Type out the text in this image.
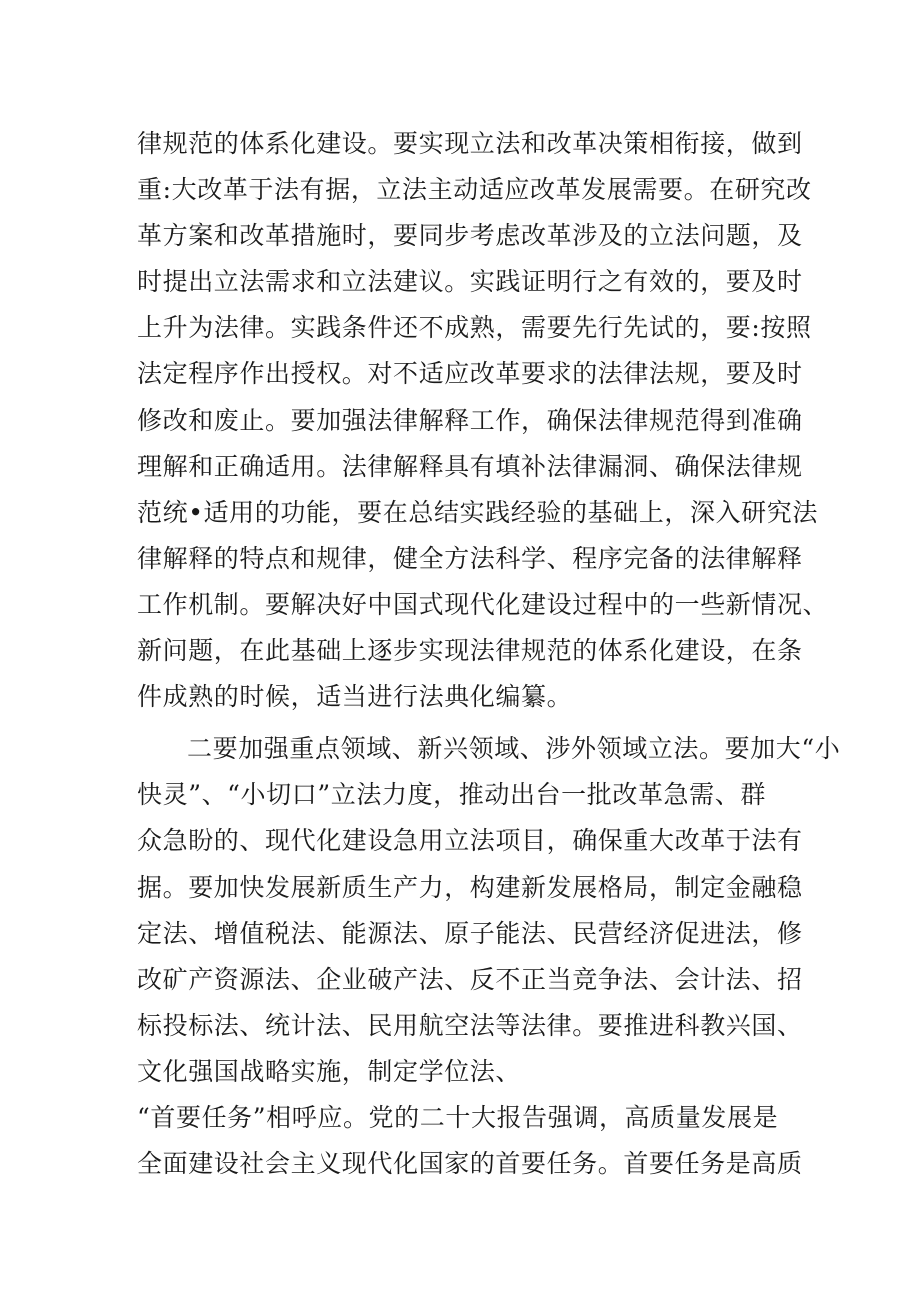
律规范的体系化建设。要实现立法和改革决策相衔接，做到
重:大改革于法有据，立法主动适应改革发展需要。在研究改
革方案和改革措施时，要同步考虑改革涉及的立法问题，及
时提出立法需求和立法建议。实践证明行之有效的，要及时
上升为法律。实践条件还不成熟，需要先行先试的，要:按照
法定程序作出授权。对不适应改革要求的法律法规，要及时
修改和废止。要加强法律解释工作，确保法律规范得到准确
理解和正确适用。法律解释具有填补法律漏洞、确保法律规
范统•适用的功能，要在总结实践经验的基础上，深入研究法
律解释的特点和规律，健全方法科学、程序完备的法律解释
工作机制。要解决好中国式现代化建设过程中的一些新情况、
新问题，在此基础上逐步实现法律规范的体系化建设，在条
件成熟的时候，适当进行法典化编纂。
二要加强重点领域、新兴领域、涉外领域立法。要加大“小
快灵”、“小切口”立法力度，推动出台一批改革急需、群
众急盼的、现代化建设急用立法项目，确保重大改革于法有
据。要加快发展新质生产力，构建新发展格局，制定金融稳
定法、增值税法、能源法、原子能法、民营经济促进法，修
改矿产资源法、企业破产法、反不正当竞争法、会计法、招
标投标法、统计法、民用航空法等法律。要推进科教兴国、
文化强国战略实施，制定学位法、
“首要任务”相呼应。党的二十大报告强调，高质量发展是
全面建设社会主义现代化国家的首要任务。首要任务是高质
